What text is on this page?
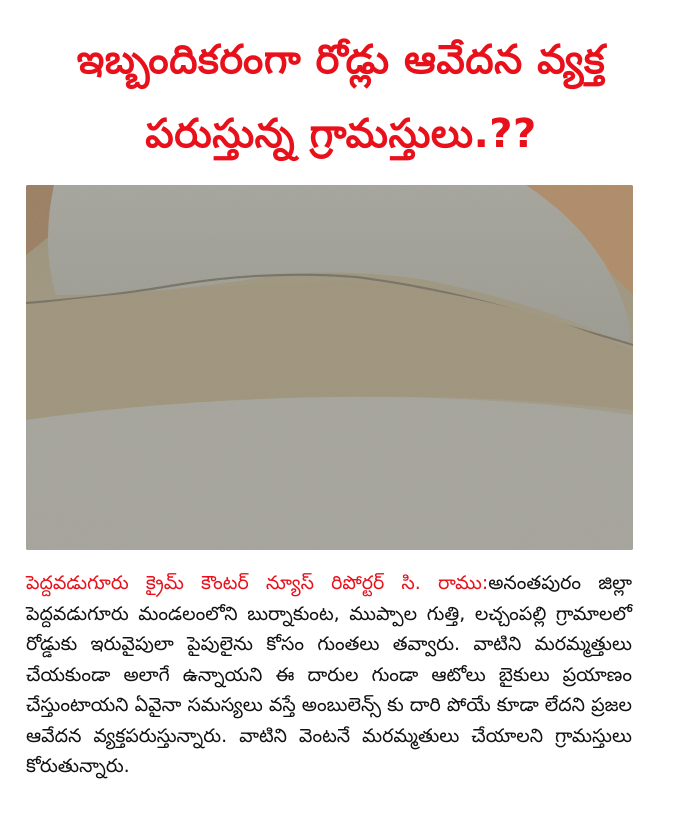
ఇబ్బందికరంగా రోడ్లు ఆవేదన వ్యక్త
పరుస్తున్న గ్రామస్తులు.??
పెద్దవడుగూరు క్రైమ్ కౌంటర్ న్యూస్ రిపోర్టర్ సి. రాము:అనంతపురం జిల్లా పెద్దవడుగూరు మండలంలోని బుర్నాకుంట, ముప్పాల గుత్తి, లచ్చంపల్లి గ్రామాలలో రోడ్డుకు ఇరువైపులా పైపులైను కోసం గుంతలు తవ్వారు. వాటిని మరమ్మత్తులు చేయకుండా అలాగే ఉన్నాయని ఈ దారుల గుండా ఆటోలు బైకులు ప్రయాణం చేస్తుంటాయని ఏవైనా సమస్యలు వస్తే అంబులెన్స్ కు దారి పోయే కూడా లేదని ప్రజల ఆవేదన వ్యక్తపరుస్తున్నారు. వాటిని వెంటనే మరమ్మతులు చేయాలని గ్రామస్తులు కోరుతున్నారు.
